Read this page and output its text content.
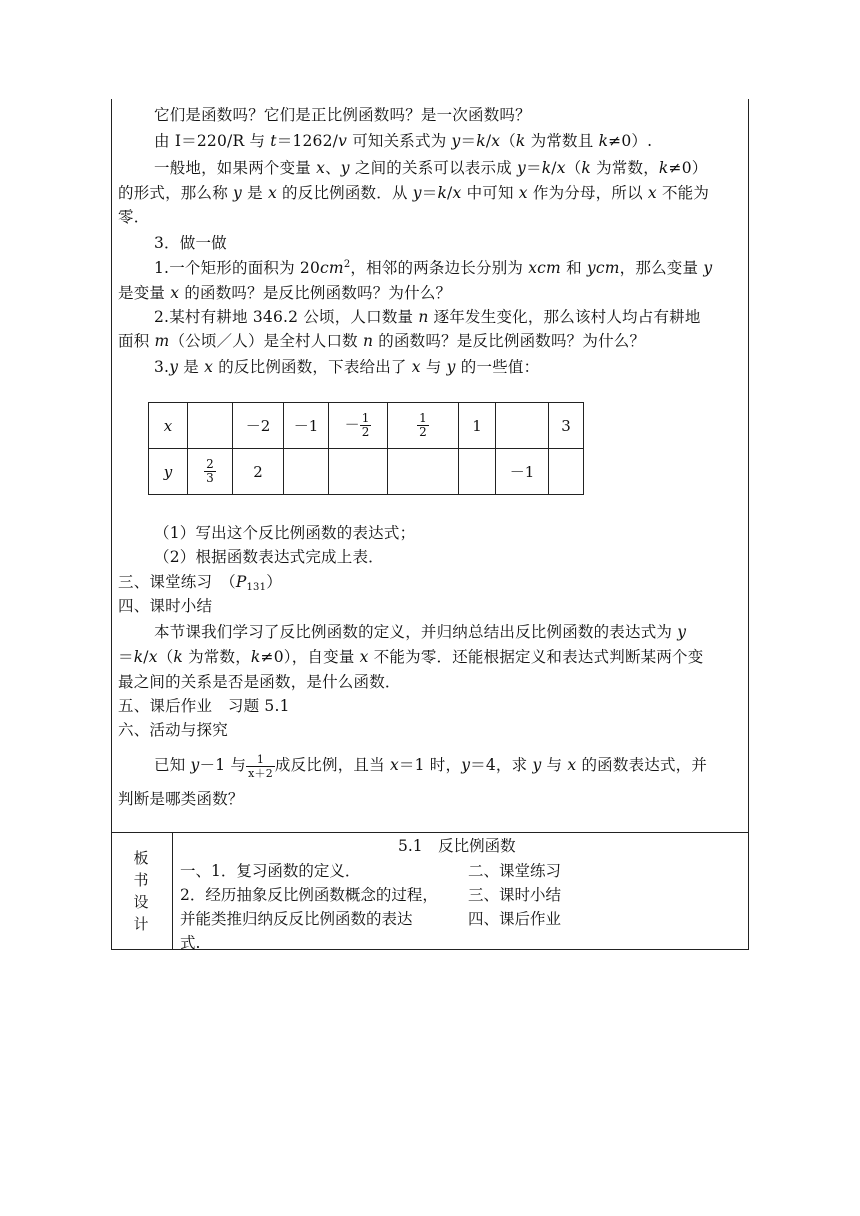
它们是函数吗？它们是正比例函数吗？是一次函数吗？
由 I＝220/R 与 t＝1262/v 可知关系式为 y＝k/x（k 为常数且 k≠0）.
一般地，如果两个变量 x、y 之间的关系可以表示成 y＝k/x（k 为常数，k≠0）
的形式，那么称 y 是 x 的反比例函数．从 y＝k/x 中可知 x 作为分母，所以 x 不能为
零．
3．做一做
1.一个矩形的面积为 $20cm^2$，相邻的两条边长分别为 xcm 和 ycm，那么变量 y
是变量 x 的函数吗？是反比例函数吗？为什么？
2.某村有耕地 346.2 公顷，人口数量 n 逐年发生变化，那么该村人均占有耕地
面积 m（公顷／人）是全村人口数 n 的函数吗？是反比例函数吗？为什么？
3.y 是 x 的反比例函数，下表给出了 x 与 y 的一些值：
x		－2	－1	－ $\frac{1}{2}$	$\frac{1}{2}$	1		3
y	$\frac{2}{3}$	2					－1	
（1）写出这个反比例函数的表达式；
（2）根据函数表达式完成上表．
三、课堂练习　$(P_{131})$
四、课时小结
本节课我们学习了反比例函数的定义，并归纳总结出反比例函数的表达式为 y
＝k/x（k 为常数，k≠0），自变量 x 不能为零．还能根据定义和表达式判断某两个变
最之间的关系是否是函数，是什么函数．
五、课后作业　习题 5.1
六、活动与探究
已知 y－1 与 $\frac{1}{x+2}$ 成反比例，且当 x＝1 时，y＝4，求 y 与 x 的函数表达式，并
判断是哪类函数？
板
书
设
计
5.1　反比例函数
一、1．复习函数的定义．
2．经历抽象反比例函数概念的过程，
并能类推归纳反反比例函数的表达
式.
二、课堂练习
三、课时小结
四、课后作业
